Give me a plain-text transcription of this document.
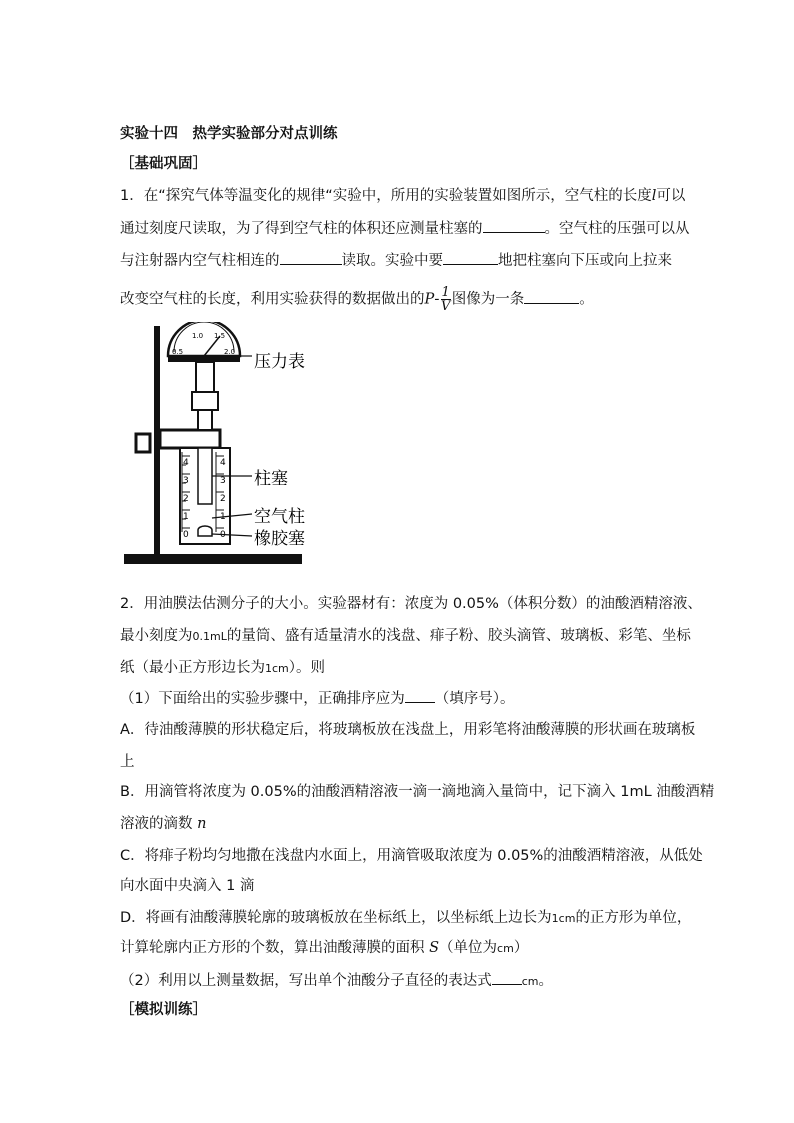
实验十四　热学实验部分对点训练
［基础巩固］
1．在“探究气体等温变化的规律“实验中，所用的实验装置如图所示，空气柱的长度l可以
通过刻度尺读取，为了得到空气柱的体积还应测量柱塞的	。空气柱的压强可以从
与注射器内空气柱相连的	读取。实验中要	地把柱塞向下压或向上拉来
改变空气柱的长度，利用实验获得的数据做出的$P- \frac{1}{V}$ 图像为一条	。
0.5
1.0 1.5
2.0
4
3
2
1
0
4
3
2
压力表
柱塞
空气柱
橡胶塞
2．用油膜法估测分子的大小。实验器材有：浓度为 0.05%（体积分数）的油酸酒精溶液、
最小刻度为0.1mL的量筒、盛有适量清水的浅盘、痱子粉、胶头滴管、玻璃板、彩笔、坐标
纸（最小正方形边长为1cm）。则
（1）下面给出的实验步骤中，正确排序应为 （填序号）。
A．待油酸薄膜的形状稳定后，将玻璃板放在浅盘上，用彩笔将油酸薄膜的形状画在玻璃板
上
B．用滴管将浓度为 0.05%的油酸酒精溶液一滴一滴地滴入量筒中，记下滴入 1mL 油酸酒精
溶液的滴数 n
C．将痱子粉均匀地撒在浅盘内水面上，用滴管吸取浓度为 0.05%的油酸酒精溶液，从低处
向水面中央滴入 1 滴
D．将画有油酸薄膜轮廓的玻璃板放在坐标纸上，以坐标纸上边长为1cm的正方形为单位，
计算轮廓内正方形的个数，算出油酸薄膜的面积 S（单位为cm）
（2）利用以上测量数据，写出单个油酸分子直径的表达式	cm。
［模拟训练］
